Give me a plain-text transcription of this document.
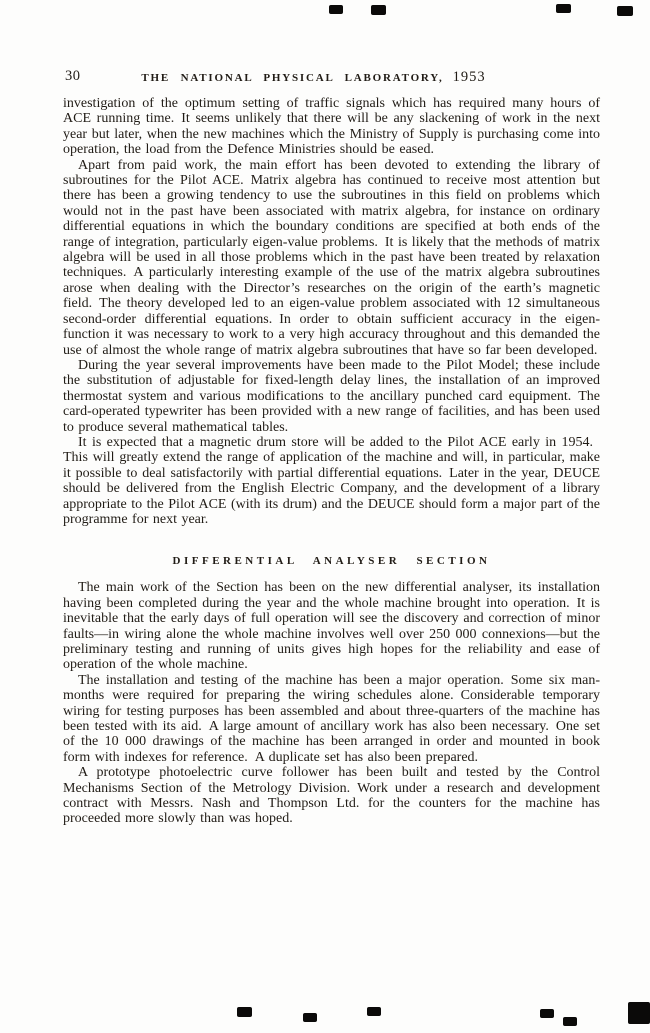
30	THE NATIONAL PHYSICAL LABORATORY, 1953

investigation of the optimum setting of traffic signals which has required many hours of ACE running time. It seems unlikely that there will be any slackening of work in the next year but later, when the new machines which the Ministry of Supply is purchasing come into operation, the load from the Defence Ministries should be eased.

Apart from paid work, the main effort has been devoted to extending the library of subroutines for the Pilot ACE. Matrix algebra has continued to receive most attention but there has been a growing tendency to use the subroutines in this field on problems which would not in the past have been associated with matrix algebra, for instance on ordinary differential equations in which the boundary conditions are specified at both ends of the range of integration, particularly eigen-value problems. It is likely that the methods of matrix algebra will be used in all those problems which in the past have been treated by relaxation techniques. A particularly interesting example of the use of the matrix algebra subroutines arose when dealing with the Director’s researches on the origin of the earth’s magnetic field. The theory developed led to an eigen-value problem associated with 12 simultaneous second-order differential equations. In order to obtain sufficient accuracy in the eigen-function it was necessary to work to a very high accuracy throughout and this demanded the use of almost the whole range of matrix algebra subroutines that have so far been developed.

During the year several improvements have been made to the Pilot Model; these include the substitution of adjustable for fixed-length delay lines, the installation of an improved thermostat system and various modifications to the ancillary punched card equipment. The card-operated typewriter has been provided with a new range of facilities, and has been used to produce several mathematical tables.

It is expected that a magnetic drum store will be added to the Pilot ACE early in 1954. This will greatly extend the range of application of the machine and will, in particular, make it possible to deal satisfactorily with partial differential equations. Later in the year, DEUCE should be delivered from the English Electric Company, and the development of a library appropriate to the Pilot ACE (with its drum) and the DEUCE should form a major part of the programme for next year.

DIFFERENTIAL ANALYSER SECTION

The main work of the Section has been on the new differential analyser, its installation having been completed during the year and the whole machine brought into operation. It is inevitable that the early days of full operation will see the discovery and correction of minor faults—in wiring alone the whole machine involves well over 250 000 connexions—but the preliminary testing and running of units gives high hopes for the reliability and ease of operation of the whole machine.

The installation and testing of the machine has been a major operation. Some six man-months were required for preparing the wiring schedules alone. Considerable temporary wiring for testing purposes has been assembled and about three-quarters of the machine has been tested with its aid. A large amount of ancillary work has also been necessary. One set of the 10 000 drawings of the machine has been arranged in order and mounted in book form with indexes for reference. A duplicate set has also been prepared.

A prototype photoelectric curve follower has been built and tested by the Control Mechanisms Section of the Metrology Division. Work under a research and development contract with Messrs. Nash and Thompson Ltd. for the counters for the machine has proceeded more slowly than was hoped.
